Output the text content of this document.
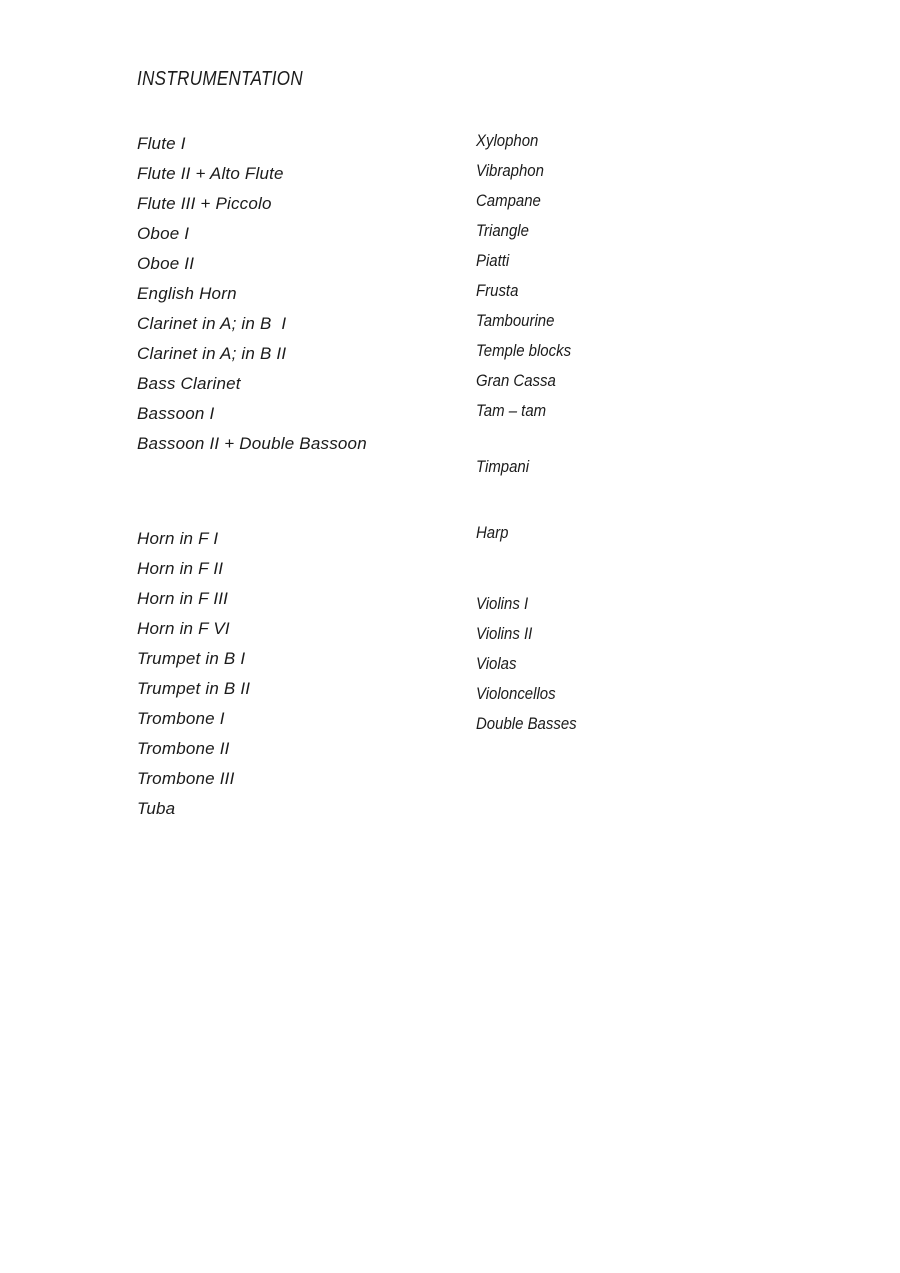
INSTRUMENTATION
Flute I
Flute II + Alto Flute
Flute III + Piccolo
Oboe I
Oboe II
English Horn
Clarinet in A; in B  I
Clarinet in A; in B II
Bass Clarinet
Bassoon I
Bassoon II + Double Bassoon
Horn in F I
Horn in F II
Horn in F III
Horn in F VI
Trumpet in B I
Trumpet in B II
Trombone I
Trombone II
Trombone III
Tuba
Xylophon
Vibraphon
Campane
Triangle
Piatti
Frusta
Tambourine
Temple blocks
Gran Cassa
Tam – tam
Timpani
Harp
Violins I
Violins II
Violas
Violoncellos
Double Basses
